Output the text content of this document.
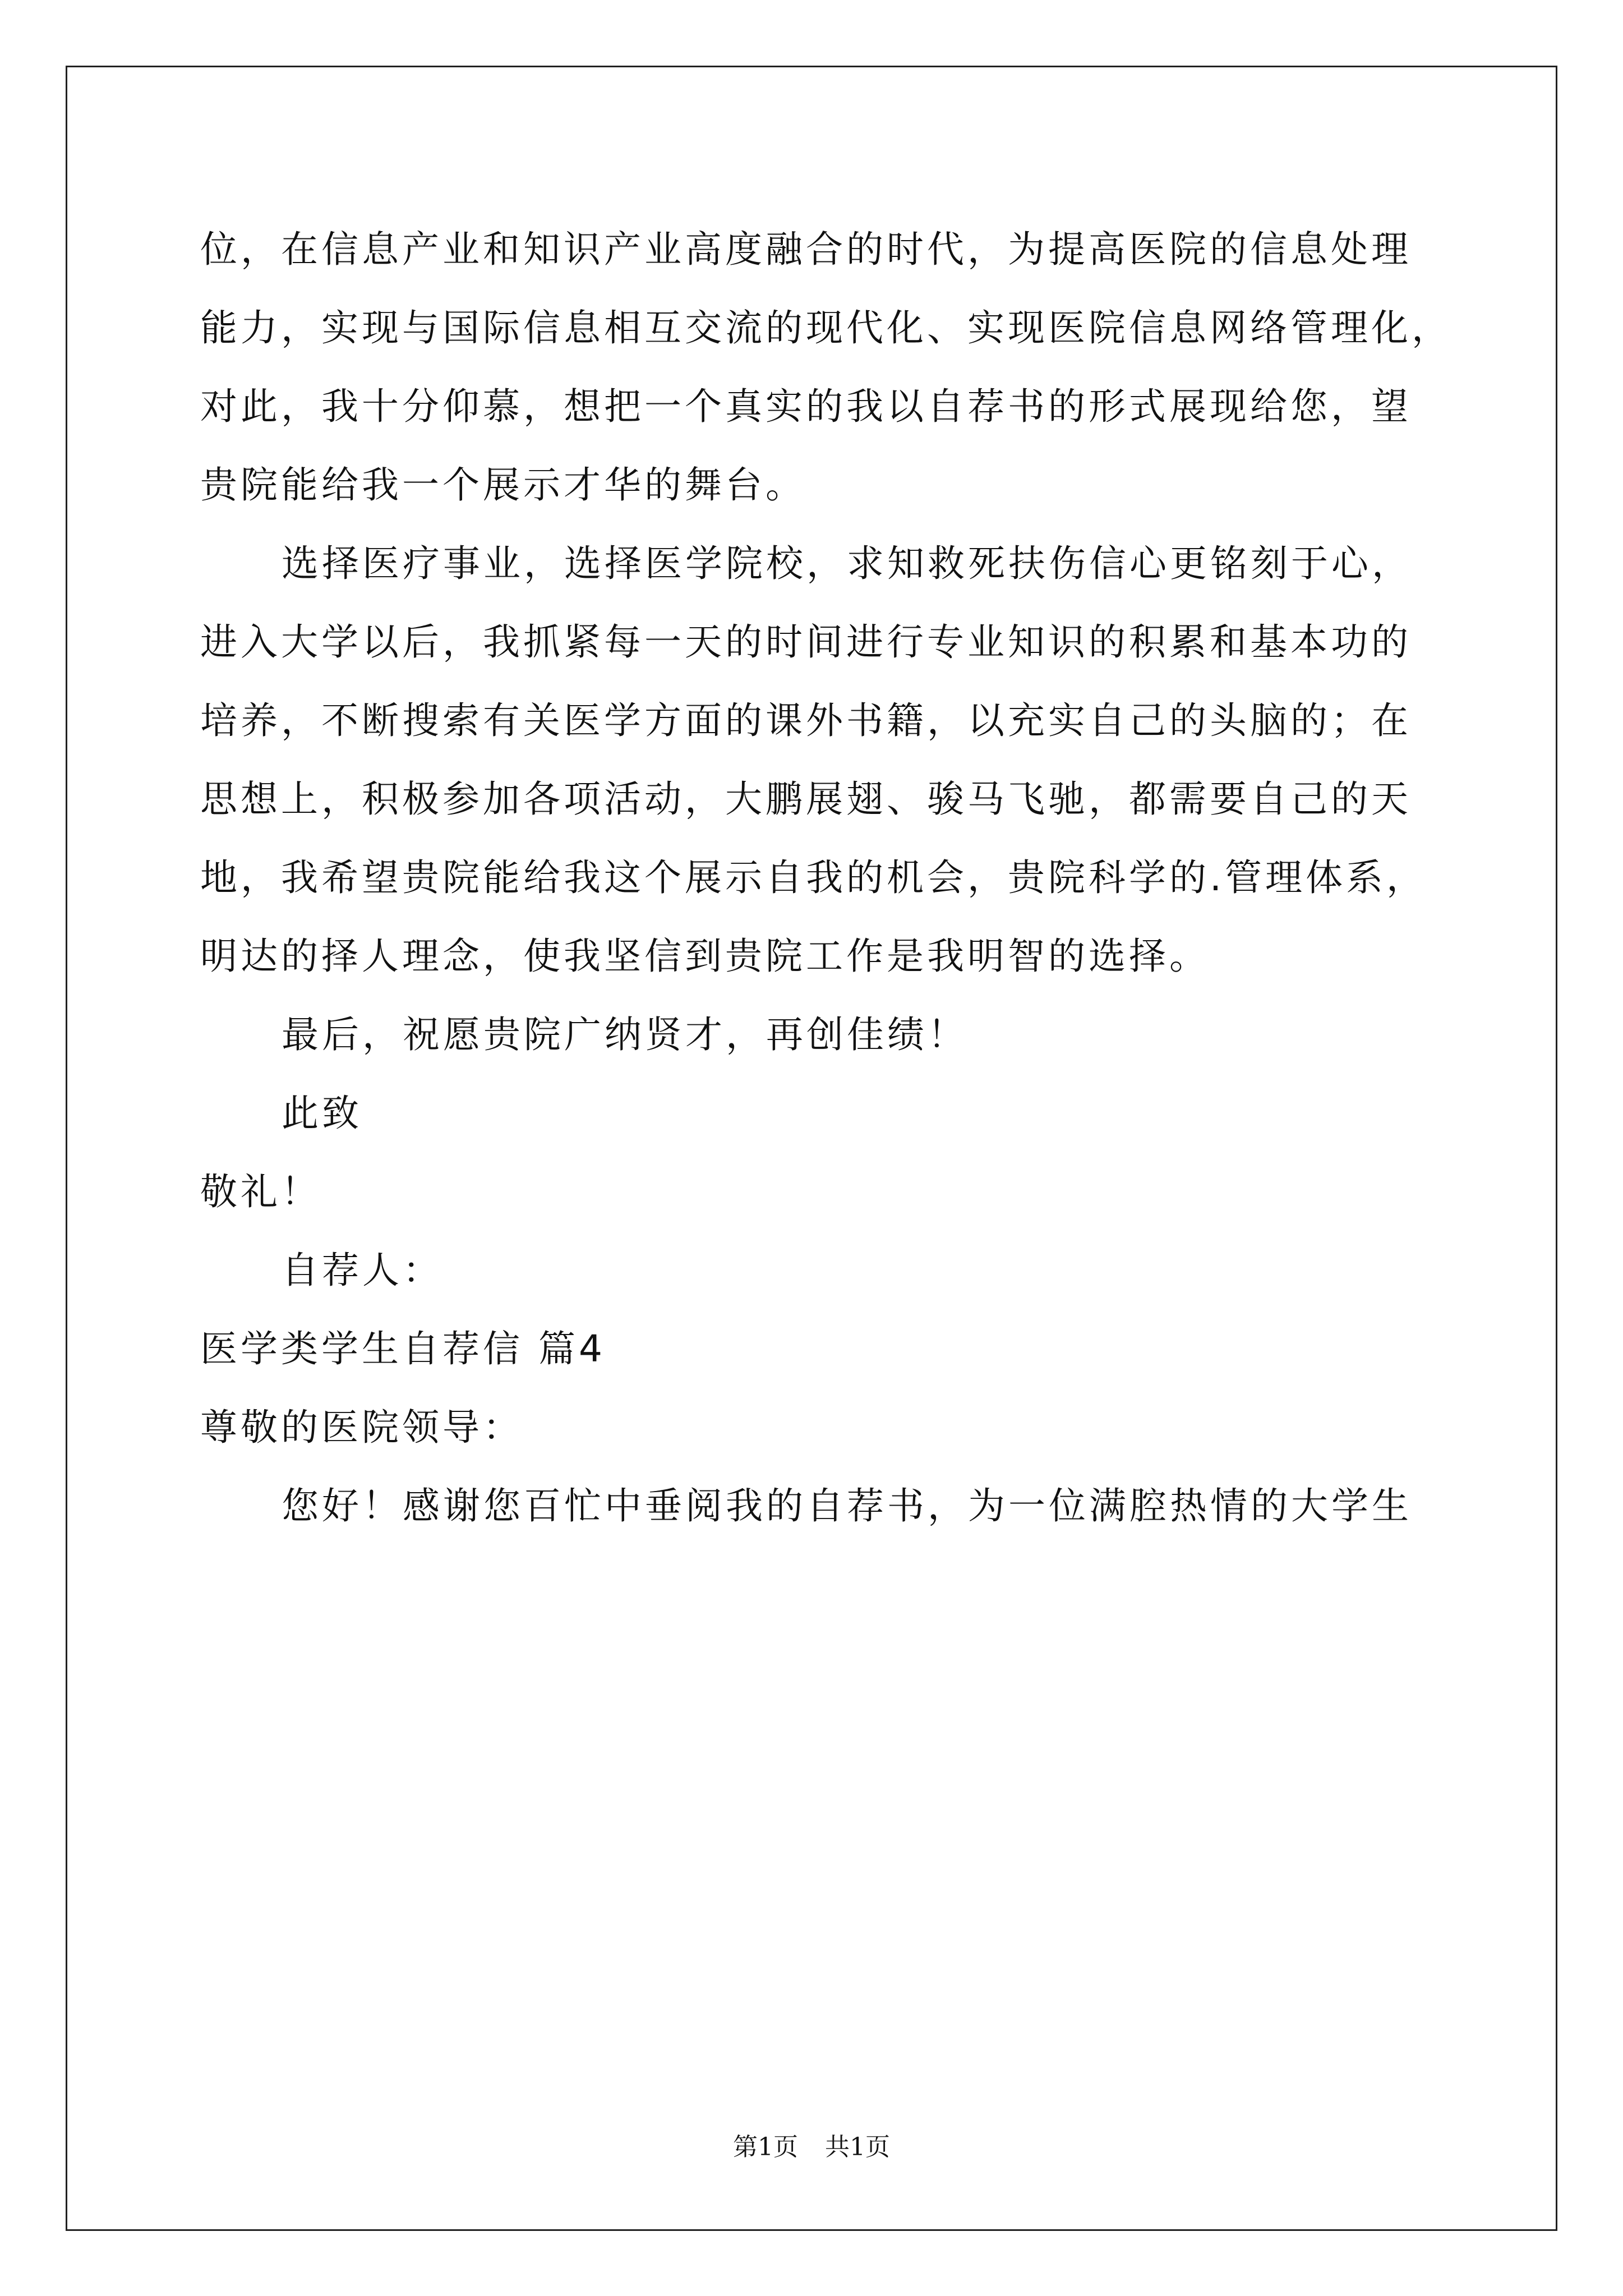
位，在信息产业和知识产业高度融合的时代，为提高医院的信息处理
能力，实现与国际信息相互交流的现代化、实现医院信息网络管理化，
对此，我十分仰慕，想把一个真实的我以自荐书的形式展现给您，望
贵院能给我一个展示才华的舞台。
选择医疗事业，选择医学院校，求知救死扶伤信心更铭刻于心，
进入大学以后，我抓紧每一天的时间进行专业知识的积累和基本功的
培养，不断搜索有关医学方面的课外书籍，以充实自己的头脑的；在
思想上，积极参加各项活动，大鹏展翅、骏马飞驰，都需要自己的天
地，我希望贵院能给我这个展示自我的机会，贵院科学的.管理体系，
明达的择人理念，使我坚信到贵院工作是我明智的选择。
最后，祝愿贵院广纳贤才，再创佳绩！
此致
敬礼！
自荐人：
医学类学生自荐信 篇4
尊敬的医院领导：
您好！感谢您百忙中垂阅我的自荐书，为一位满腔热情的大学生
第1页 共1页
